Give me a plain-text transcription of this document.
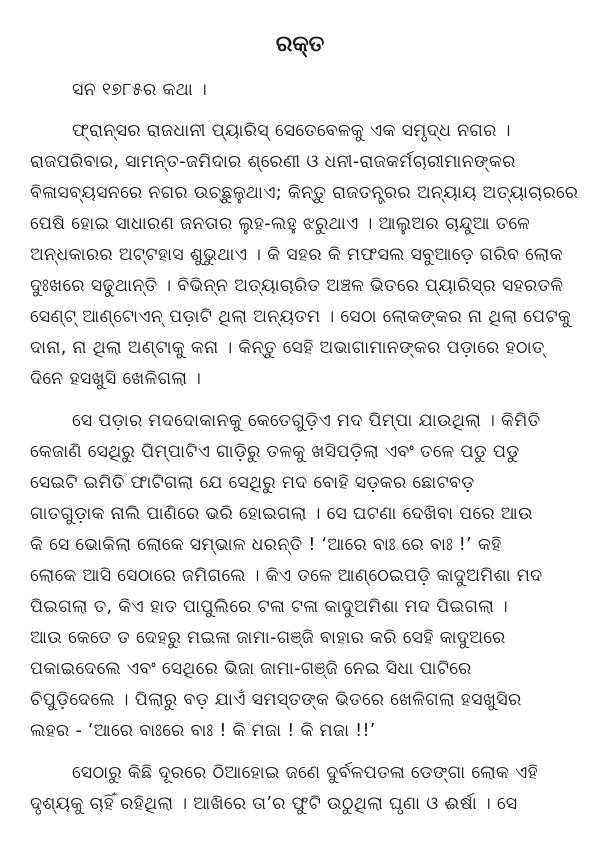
ରକ୍ତ
ସନ ୧୭୮୫ର କଥା ।
ଫ୍ରାନ୍ସର ରାଜଧାନୀ ପ୍ୟାରିସ୍ ସେତେବେଳକୁ ଏକ ସମୃଦ୍ଧ ନଗର ।
ରାଜପରିବାର, ସାମନ୍ତ-ଜମିଦାର ଶ୍ରେଣୀ ଓ ଧନୀ-ରାଜକର୍ମଚାରୀମାନଙ୍କର
ବିଳାସବ୍ୟସନରେ ନଗର ଉଚ୍ଛୁଳୁଥାଏ; କିନ୍ତୁ ରାଜତନ୍ତ୍ରର ଅନ୍ୟାୟ ଅତ୍ୟାଚାରରେ
ପେଷି ହୋଇ ସାଧାରଣ ଜନତାର ଲୁହ-ଲହୁ ଝରୁଥାଏ । ଆଲୁଅର ଚାନ୍ଦୁଆ ତଳେ
ଅନ୍ଧକାରର ଅଟ୍ଟହାସ ଶୁଭୁଥାଏ । କି ସହର କି ମଫସଲ ସବୁଆଡ଼େ ଗରିବ ଲୋକ
ଦୁଃଖରେ ସଢୁଥାନ୍ତି । ବିଭିନ୍ନ ଅତ୍ୟାଚାରିତ ଅଞ୍ଚଳ ଭିତରେ ପ୍ୟାରିସ୍‌ର ସହରତଳି
ସେଣ୍ଟ୍ ଆଣ୍ଟୋଏନ୍ ପଡ଼ାଟି ଥିଲା ଅନ୍ୟତମ । ସେଠା ଲୋକଙ୍କର ନା ଥିଲା ପେଟକୁ
ଦାନା, ନା ଥିଲା ଅଣ୍ଟାକୁ କନା । କିନ୍ତୁ ସେହି ଅଭାଗାମାନଙ୍କର ପଡ଼ାରେ ହଠାତ୍
ଦିନେ ହସଖୁସି ଖେଳିଗଲା ।
ସେ ପଡ଼ାର ମଦଦୋକାନକୁ କେତେଗୁଡ଼ିଏ ମଦ ପିମ୍ପା ଯାଉଥିଲା । କିମିତି
କେଜାଣି ସେଥିରୁ ପିମ୍ପାଟିଏ ଗାଡ଼ିରୁ ତଳକୁ ଖସିପଡ଼ିଲା ଏବଂ ତଳେ ପଡୁ ପଡୁ
ସେଇଟି ଇମିତି ଫାଟିଗଲା ଯେ ସେଥିରୁ ମଦ ବୋହି ସଡ଼କର ଛୋଟବଡ଼
ଗାତଗୁଡ଼ାକ ନାଲି ପାଣିରେ ଭରି ହୋଇଗଲା । ସେ ଘଟଣା ଦେଖିବା ପରେ ଆଉ
କି ସେ ଭୋକିଲା ଲୋକେ ସମ୍ଭାଳ ଧରନ୍ତି ! ‘ଆରେ ବାଃ ରେ ବାଃ !’ କହି
ଲୋକେ ଆସି ସେଠାରେ ଜମିଗଲେ । କିଏ ତଳେ ଆଣ୍ଠେଇପଡ଼ି କାଦୁଅମିଶା ମଦ
ପିଇଗଲା ତ, କିଏ ହାତ ପାପୁଲିରେ ଟଳା ଟଳା କାଦୁଅମିଶା ମଦ ପିଇଗଲା ।
ଆଉ କେତେ ତ ଦେହରୁ ମଇଳା ଜାମା-ଗଞ୍ଜି ବାହାର କରି ସେହି କାଦୁଅରେ
ପକାଇଦେଲେ ଏବଂ ସେଥିରେ ଭିଜା ଜାମା-ଗଞ୍ଜି ନେଇ ସିଧା ପାଟିରେ
ଚିପୁଡ଼ିଦେଲେ । ପିଲାରୁ ବଡ଼ ଯାଏଁ ସମସ୍ତଙ୍କ ଭିତରେ ଖେଳିଗଲା ହସଖୁସିର
ଲହର - ‘ଆରେ ବାଃରେ ବାଃ ! କି ମଜା ! କି ମଜା !!’
ସେଠାରୁ କିଛି ଦୂରରେ ଠିଆହୋଇ ଜଣେ ଦୁର୍ବଳପତଳା ଡେଙ୍ଗା ଲୋକ ଏହି
ଦୃଶ୍ୟକୁ ଚାହିଁ ରହିଥିଲା । ଆଖିରେ ତା’ର ଫୁଟି ଉଠୁଥିଲା ଘୃଣା ଓ ଈର୍ଷା । ସେ
